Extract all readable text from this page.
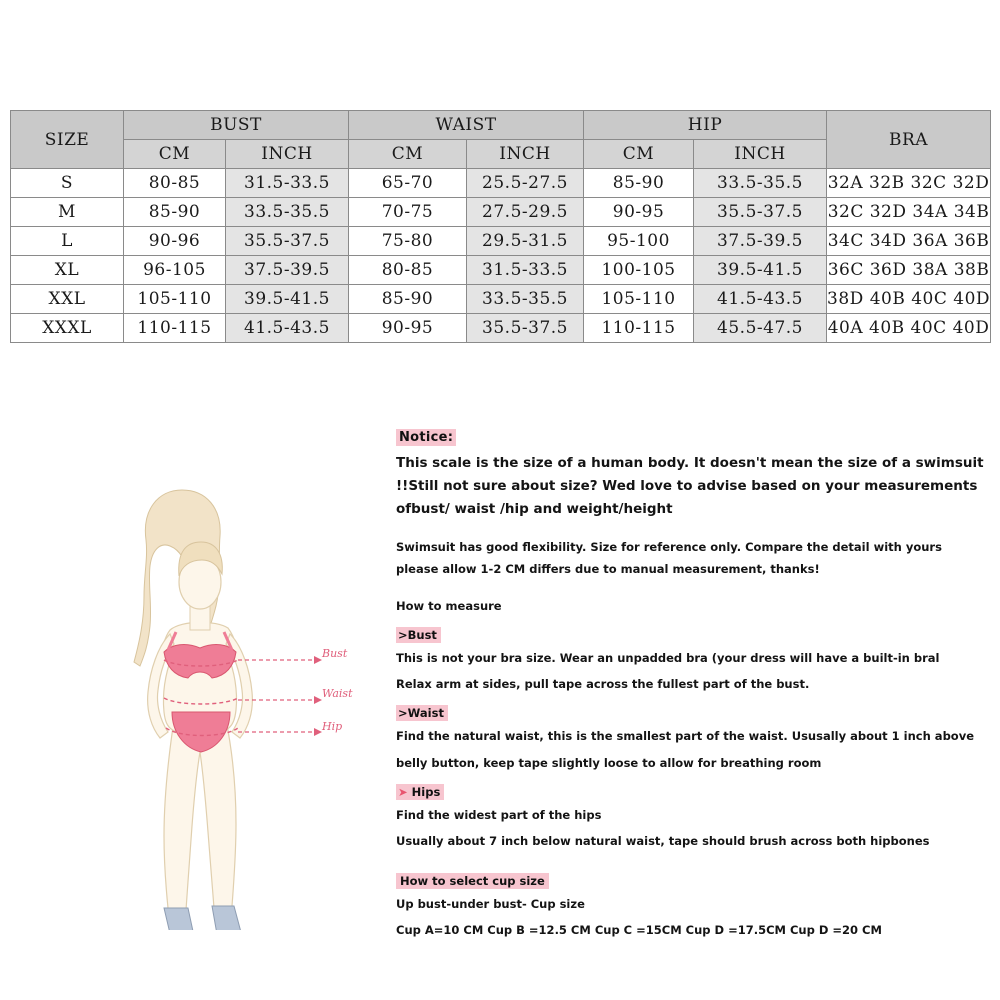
SIZE	BUST		WAIST		HIP		BRA
	CM	INCH	CM	INCH	CM	INCH	
S	80-85	31.5-33.5	65-70	25.5-27.5	85-90	33.5-35.5	32A 32B 32C 32D
M	85-90	33.5-35.5	70-75	27.5-29.5	90-95	35.5-37.5	32C 32D 34A 34B
L	90-96	35.5-37.5	75-80	29.5-31.5	95-100	37.5-39.5	34C 34D 36A 36B
XL	96-105	37.5-39.5	80-85	31.5-33.5	100-105	39.5-41.5	36C 36D 38A 38B
XXL	105-110	39.5-41.5	85-90	33.5-35.5	105-110	41.5-43.5	38D 40B 40C 40D
XXXL	110-115	41.5-43.5	90-95	35.5-37.5	110-115	45.5-47.5	40A 40B 40C 40D
Bust
Waist
Hip
Notice:
This scale is the size of a human body. It doesn't mean the size of a swimsuit !!Still not sure about size? Wed love to advise based on your measurements ofbust/ waist /hip and weight/height
Swimsuit has good flexibility. Size for reference only. Compare the detail with yours please allow 1-2 CM differs due to manual measurement, thanks!
How to measure
>Bust
This is not your bra size. Wear an unpadded bra (your dress will have a built-in bral
Relax arm at sides, pull tape across the fullest part of the bust.
>Waist
Find the natural waist, this is the smallest part of the waist. Ususally about 1 inch above
belly button, keep tape slightly loose to allow for breathing room
➤ Hips
Find the widest part of the hips
Usually about 7 inch below natural waist, tape should brush across both hipbones
How to select cup size
Up bust-under bust- Cup size
Cup A=10 CM Cup B =12.5 CM Cup C =15CM Cup D =17.5CM Cup D =20 CM
